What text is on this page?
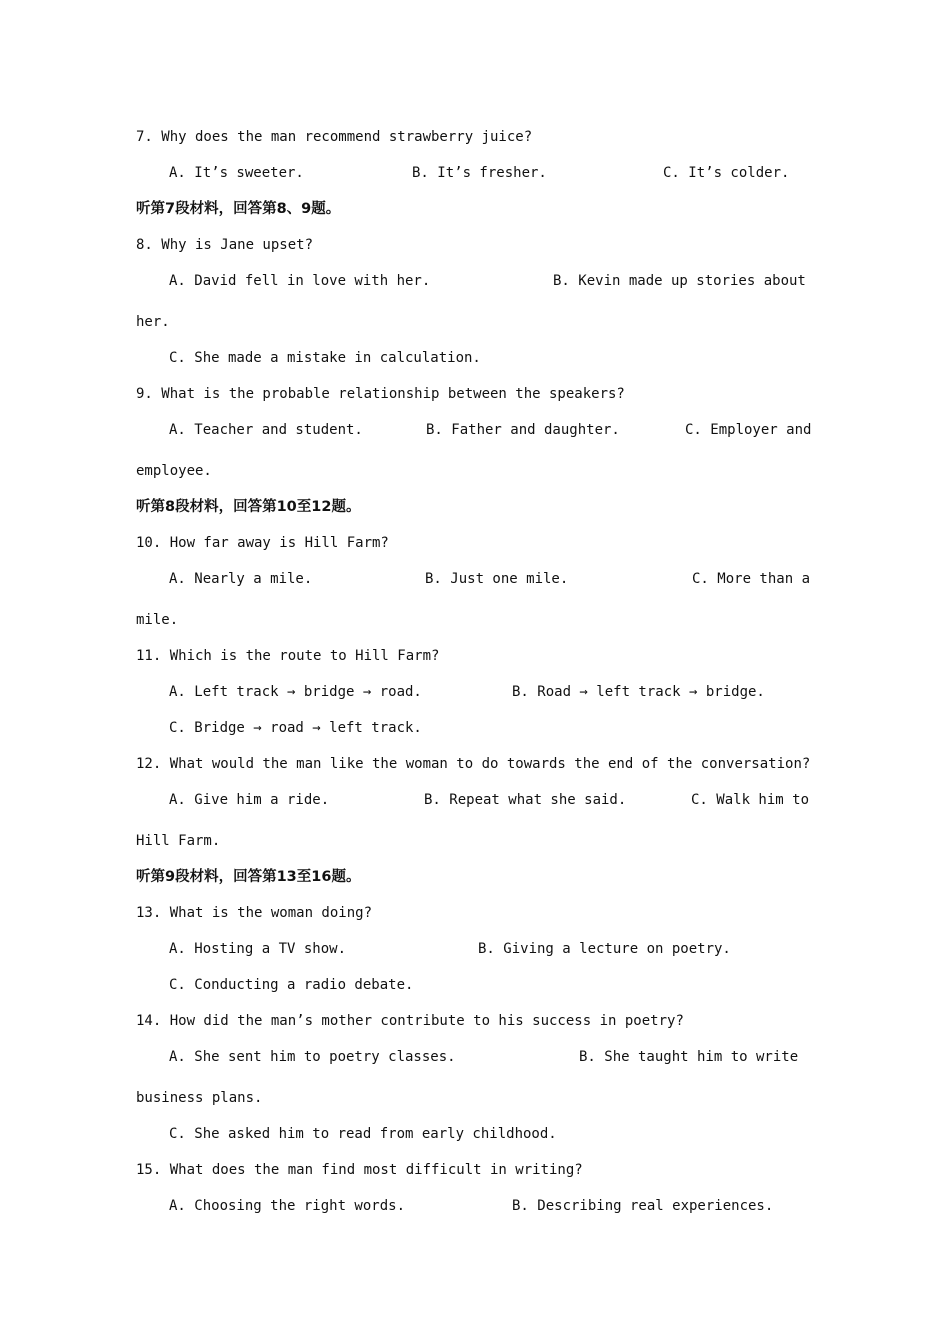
7. Why does the man recommend strawberry juice?
A. It’s sweeter.	B. It’s fresher.	C. It’s colder.
听第7段材料，回答第8、9题。
8. Why is Jane upset?
A. David fell in love with her.	B. Kevin made up stories about
her.
C. She made a mistake in calculation.
9. What is the probable relationship between the speakers?
A. Teacher and student.	B. Father and daughter.	C. Employer and
employee.
听第8段材料，回答第10至12题。
10. How far away is Hill Farm?
A. Nearly a mile.	B. Just one mile.	C. More than a
mile.
11. Which is the route to Hill Farm?
A. Left track → bridge → road.	B. Road → left track → bridge.
C. Bridge → road → left track.
12. What would the man like the woman to do towards the end of the conversation?
A. Give him a ride.	B. Repeat what she said.	C. Walk him to
Hill Farm.
听第9段材料，回答第13至16题。
13. What is the woman doing?
A. Hosting a TV show.	B. Giving a lecture on poetry.
C. Conducting a radio debate.
14. How did the man’s mother contribute to his success in poetry?
A. She sent him to poetry classes.	B. She taught him to write
business plans.
C. She asked him to read from early childhood.
15. What does the man find most difficult in writing?
A. Choosing the right words.	B. Describing real experiences.
